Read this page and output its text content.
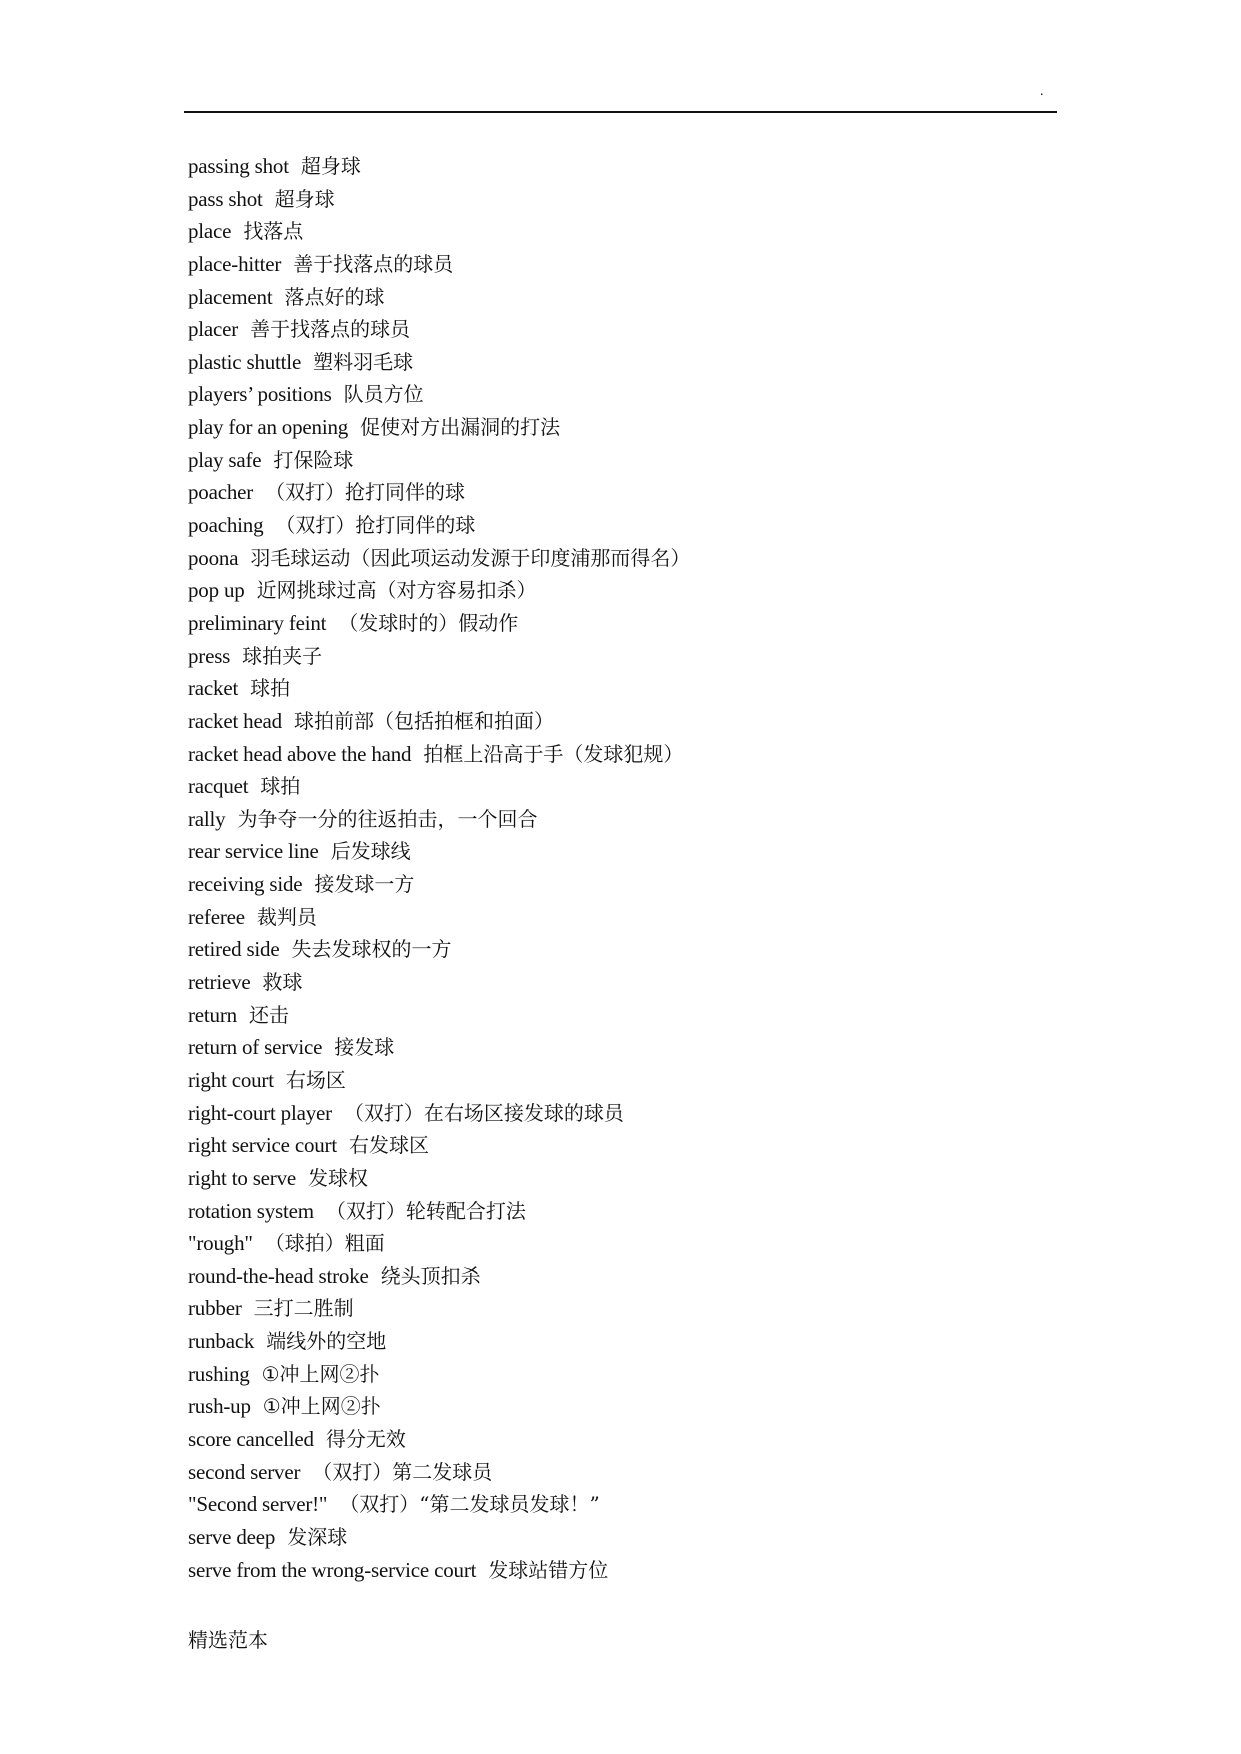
.
passing shot 超身球
pass shot 超身球
place 找落点
place-hitter 善于找落点的球员
placement 落点好的球
placer 善于找落点的球员
plastic shuttle 塑料羽毛球
players’ positions 队员方位
play for an opening 促使对方出漏洞的打法
play safe 打保险球
poacher （双打）抢打同伴的球
poaching （双打）抢打同伴的球
poona 羽毛球运动（因此项运动发源于印度浦那而得名）
pop up 近网挑球过高（对方容易扣杀）
preliminary feint （发球时的）假动作
press 球拍夹子
racket 球拍
racket head 球拍前部（包括拍框和拍面）
racket head above the hand 拍框上沿高于手（发球犯规）
racquet 球拍
rally 为争夺一分的往返拍击，一个回合
rear service line 后发球线
receiving side 接发球一方
referee 裁判员
retired side 失去发球权的一方
retrieve 救球
return 还击
return of service 接发球
right court 右场区
right-court player （双打）在右场区接发球的球员
right service court 右发球区
right to serve 发球权
rotation system （双打）轮转配合打法
"rough" （球拍）粗面
round-the-head stroke 绕头顶扣杀
rubber 三打二胜制
runback 端线外的空地
rushing ①冲上网②扑
rush-up ①冲上网②扑
score cancelled 得分无效
second server （双打）第二发球员
"Second server!" （双打）“第二发球员发球！”
serve deep 发深球
serve from the wrong-service court 发球站错方位
精选范本
